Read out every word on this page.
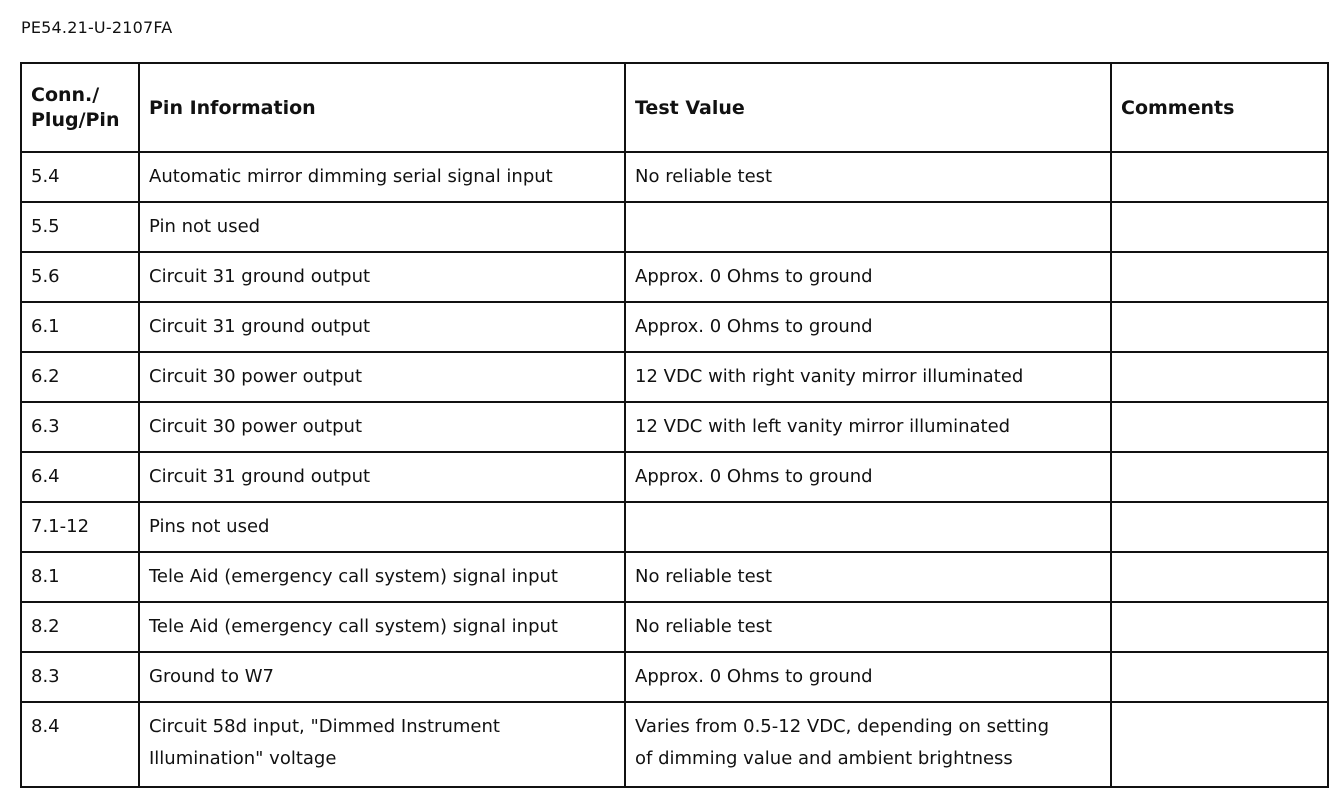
PE54.21-U-2107FA
Conn./
Plug/Pin	Pin Information	Test Value	Comments
5.4	Automatic mirror dimming serial signal input	No reliable test	
5.5	Pin not used		
5.6	Circuit 31 ground output	Approx. 0 Ohms to ground	
6.1	Circuit 31 ground output	Approx. 0 Ohms to ground	
6.2	Circuit 30 power output	12 VDC with right vanity mirror illuminated	
6.3	Circuit 30 power output	12 VDC with left vanity mirror illuminated	
6.4	Circuit 31 ground output	Approx. 0 Ohms to ground	
7.1-12	Pins not used		
8.1	Tele Aid (emergency call system) signal input	No reliable test	
8.2	Tele Aid (emergency call system) signal input	No reliable test	
8.3	Ground to W7	Approx. 0 Ohms to ground	
8.4	Circuit 58d input, "Dimmed Instrument
Illumination" voltage	Varies from 0.5-12 VDC, depending on setting
of dimming value and ambient brightness	
